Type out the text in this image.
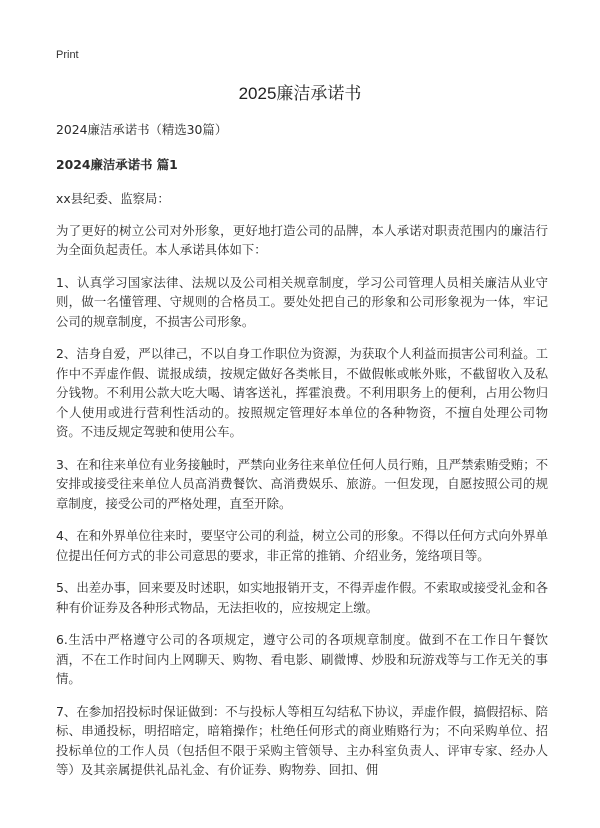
Print
2025廉洁承诺书
2024廉洁承诺书（精选30篇）
2024廉洁承诺书 篇1
xx县纪委、监察局：

为了更好的树立公司对外形象，更好地打造公司的品牌，本人承诺对职责范围内的廉洁行为全面负起责任。本人承诺具体如下：

1、认真学习国家法律、法规以及公司相关规章制度，学习公司管理人员相关廉洁从业守则，做一名懂管理、守规则的合格员工。要处处把自己的形象和公司形象视为一体，牢记公司的规章制度，不损害公司形象。

2、洁身自爱，严以律己，不以自身工作职位为资源，为获取个人利益而损害公司利益。工作中不弄虚作假、谎报成绩，按规定做好各类帐目，不做假帐或帐外账，不截留收入及私分钱物。不利用公款大吃大喝、请客送礼，挥霍浪费。不利用职务上的便利，占用公物归个人使用或进行营利性活动的。按照规定管理好本单位的各种物资，不擅自处理公司物资。不违反规定驾驶和使用公车。

3、在和往来单位有业务接触时，严禁向业务往来单位任何人员行贿，且严禁索贿受贿；不安排或接受往来单位人员高消费餐饮、高消费娱乐、旅游。一但发现，自愿按照公司的规章制度，接受公司的严格处理，直至开除。

4、在和外界单位往来时，要坚守公司的利益，树立公司的形象。不得以任何方式向外界单位提出任何方式的非公司意思的要求，非正常的推销、介绍业务，笼络项目等。

5、出差办事，回来要及时述职，如实地报销开支，不得弄虚作假。不索取或接受礼金和各种有价证券及各种形式物品，无法拒收的，应按规定上缴。

6.生活中严格遵守公司的各项规定，遵守公司的各项规章制度。做到不在工作日午餐饮酒，不在工作时间内上网聊天、购物、看电影、刷微博、炒股和玩游戏等与工作无关的事情。

7、在参加招投标时保证做到：不与投标人等相互勾结私下协议，弄虚作假，搞假招标、陪标、串通投标，明招暗定，暗箱操作；杜绝任何形式的商业贿赂行为；不向采购单位、招投标单位的工作人员（包括但不限于采购主管领导、主办科室负责人、评审专家、经办人等）及其亲属提供礼品礼金、有价证券、购物券、回扣、佣
